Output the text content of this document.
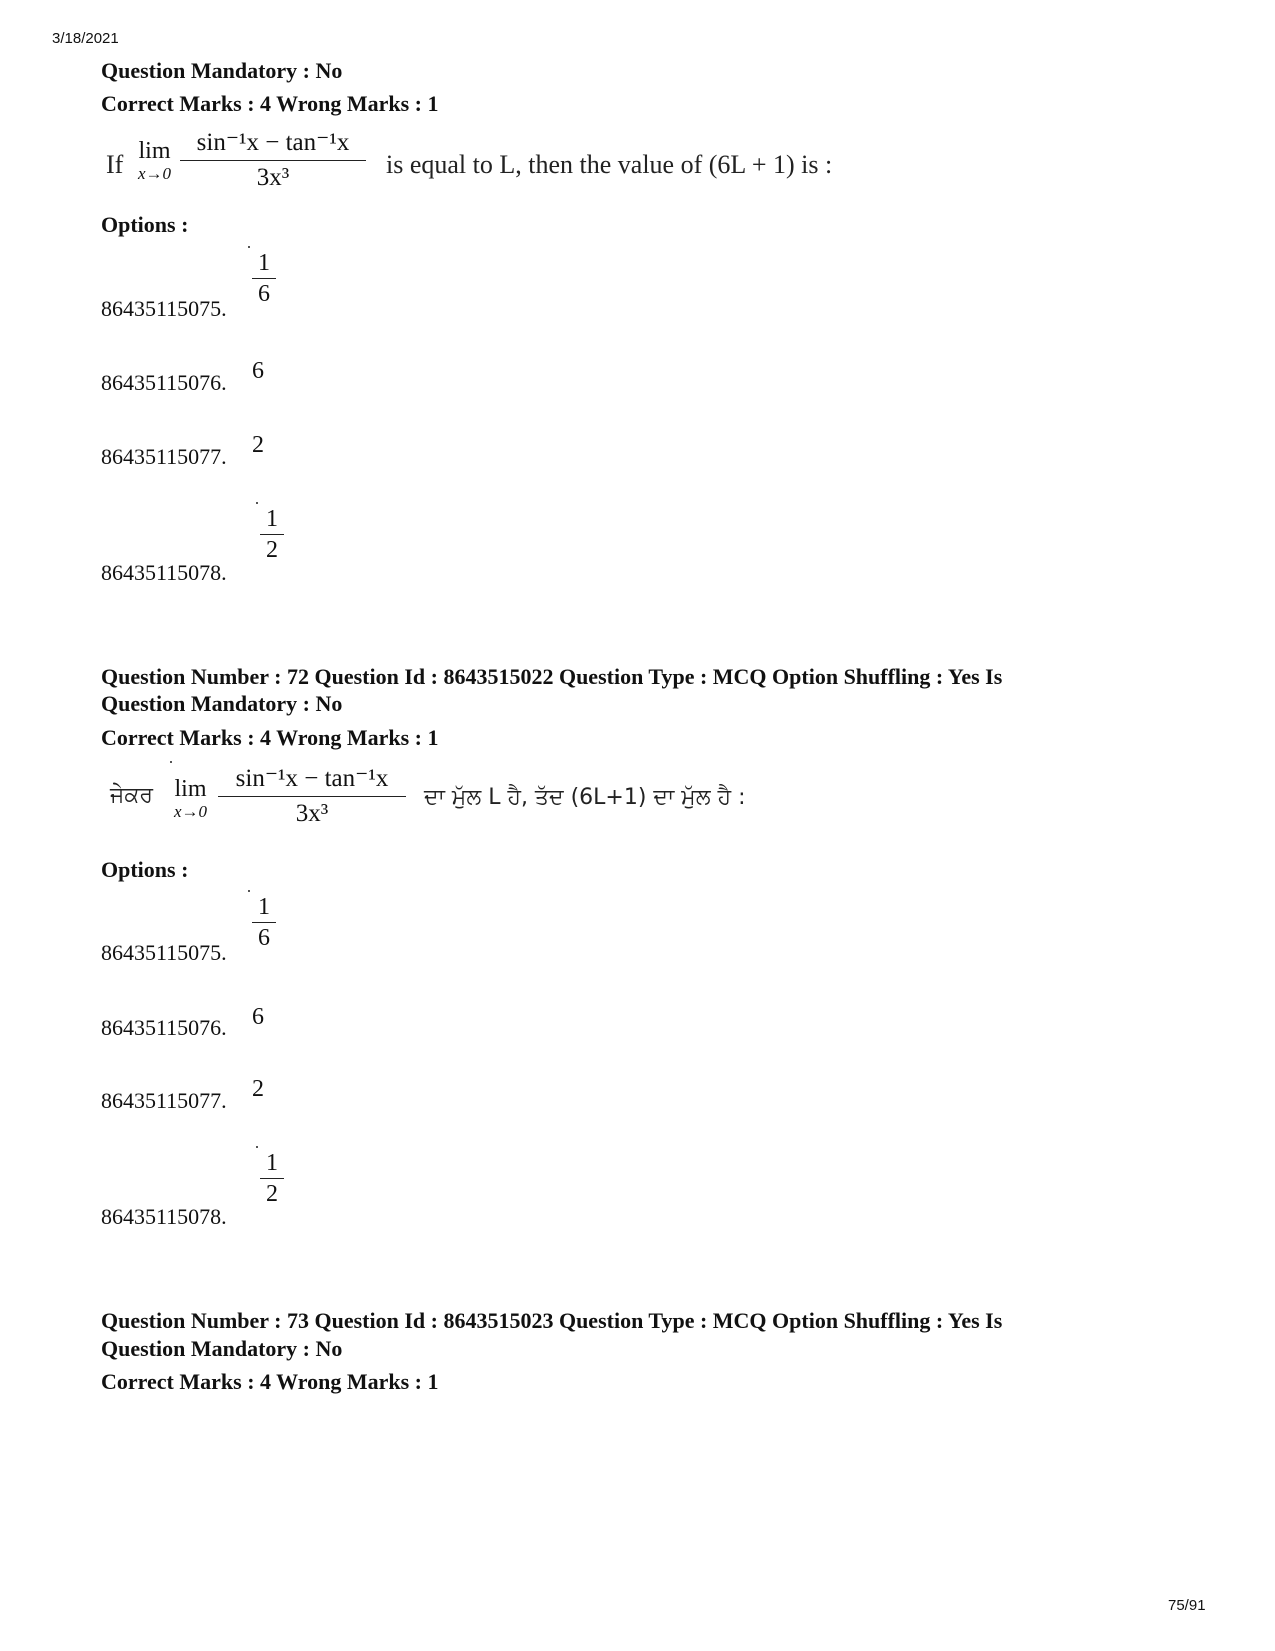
3/18/2021
Question Mandatory : No
Correct Marks : 4 Wrong Marks : 1
If lim
x→0
sin⁻¹x − tan⁻¹x
3x³	is equal to L, then the value of (6L + 1) is :
Options :
86435115075.
1
6
86435115076. 6
86435115077. 2
86435115078.
1
2
Question Number : 72 Question Id : 8643515022 Question Type : MCQ Option Shuffling : Yes Is
Question Mandatory : No
Correct Marks : 4 Wrong Marks : 1
ਜੇਕਰ lim
x→0
sin⁻¹x − tan⁻¹x
3x³
ਦਾ ਮੁੱਲ L ਹੈ, ਤੱਦ (6L+1) ਦਾ ਮੁੱਲ ਹੈ :
Options :
86435115075.
1
6
86435115076. 6
86435115077. 2
86435115078.
1
2
Question Number : 73 Question Id : 8643515023 Question Type : MCQ Option Shuffling : Yes Is
Question Mandatory : No
Correct Marks : 4 Wrong Marks : 1
75/91
